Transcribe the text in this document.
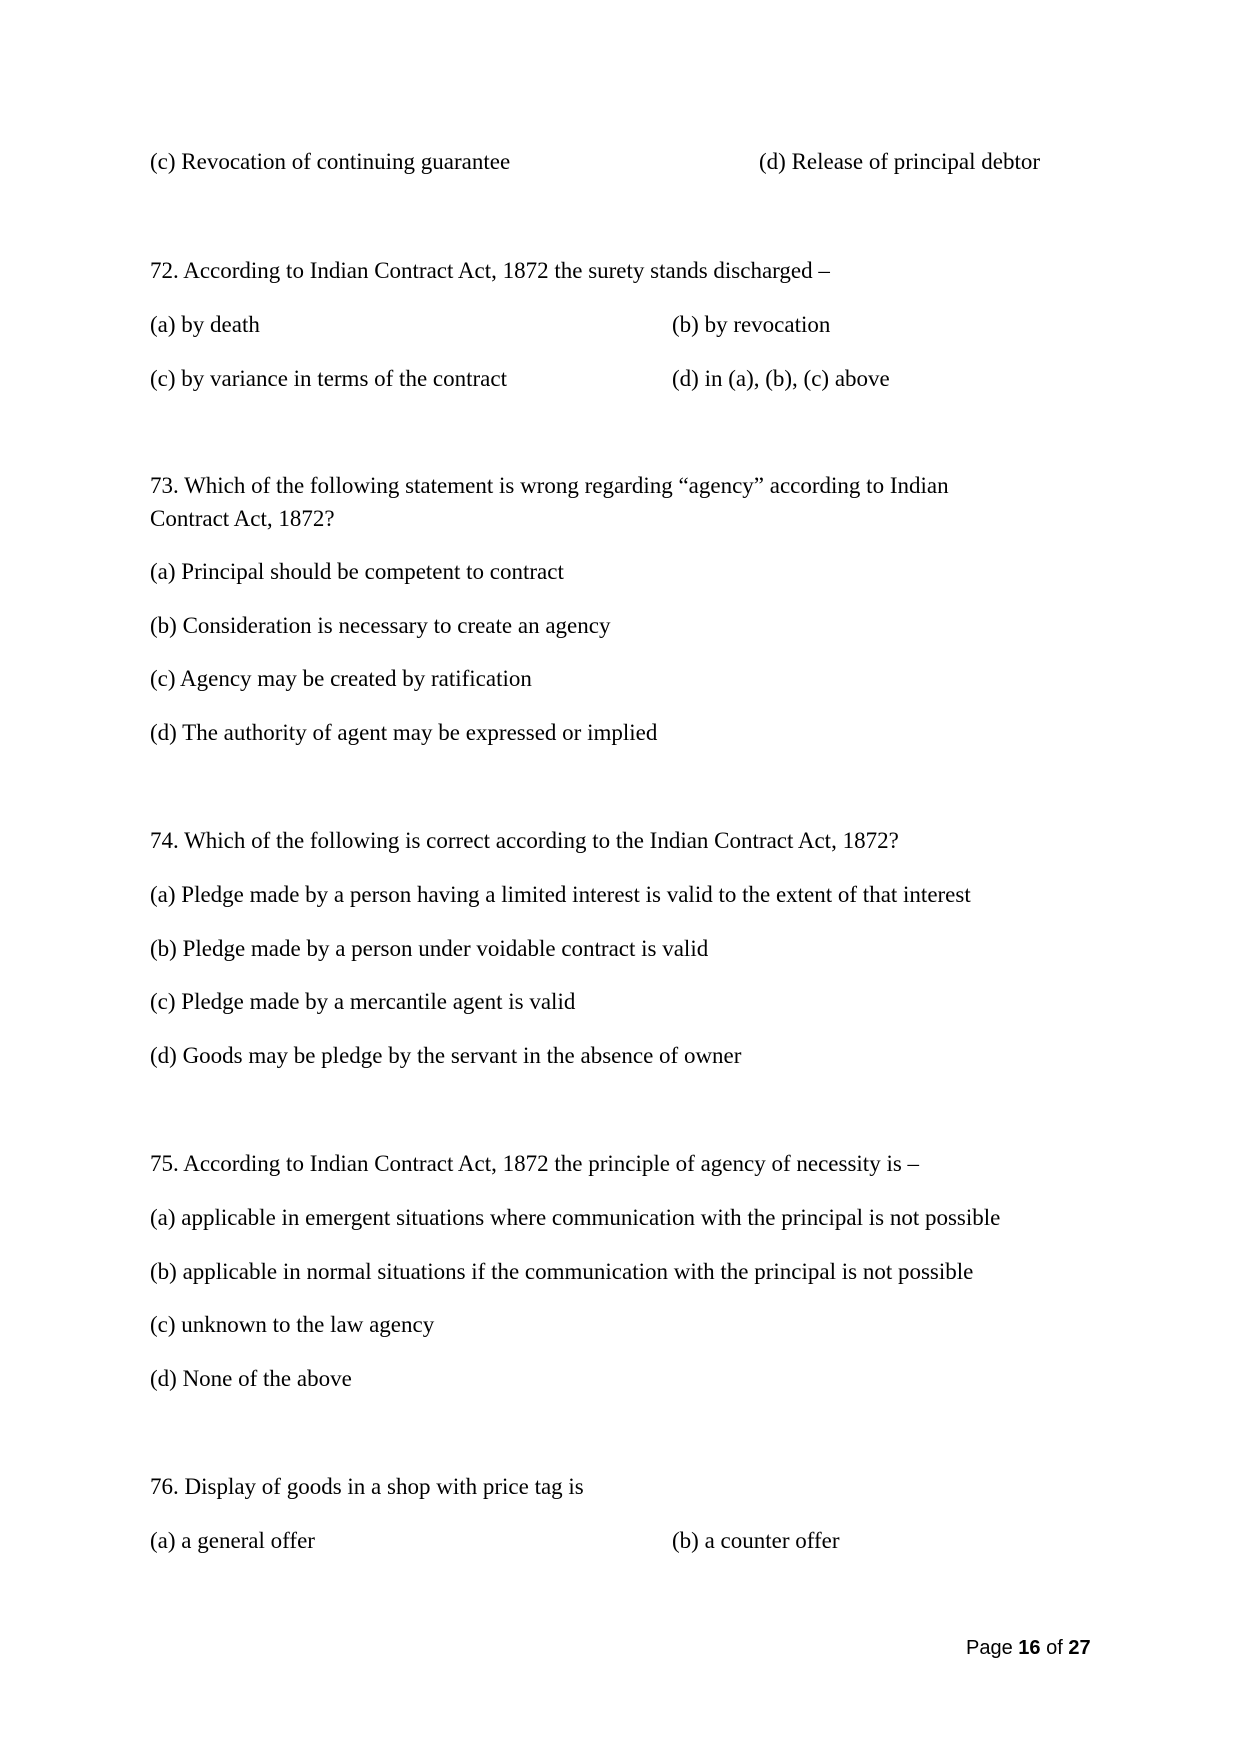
(c) Revocation of continuing guarantee	(d) Release of principal debtor
72. According to Indian Contract Act, 1872 the surety stands discharged –
(a) by death	(b) by revocation
(c) by variance in terms of the contract	(d) in (a), (b), (c) above
73. Which of the following statement is wrong regarding “agency” according to Indian
Contract Act, 1872?
(a) Principal should be competent to contract
(b) Consideration is necessary to create an agency
(c) Agency may be created by ratification
(d) The authority of agent may be expressed or implied
74. Which of the following is correct according to the Indian Contract Act, 1872?
(a) Pledge made by a person having a limited interest is valid to the extent of that interest
(b) Pledge made by a person under voidable contract is valid
(c) Pledge made by a mercantile agent is valid
(d) Goods may be pledge by the servant in the absence of owner
75. According to Indian Contract Act, 1872 the principle of agency of necessity is –
(a) applicable in emergent situations where communication with the principal is not possible
(b) applicable in normal situations if the communication with the principal is not possible
(c) unknown to the law agency
(d) None of the above
76. Display of goods in a shop with price tag is
(a) a general offer	(b) a counter offer
Page 16 of 27
